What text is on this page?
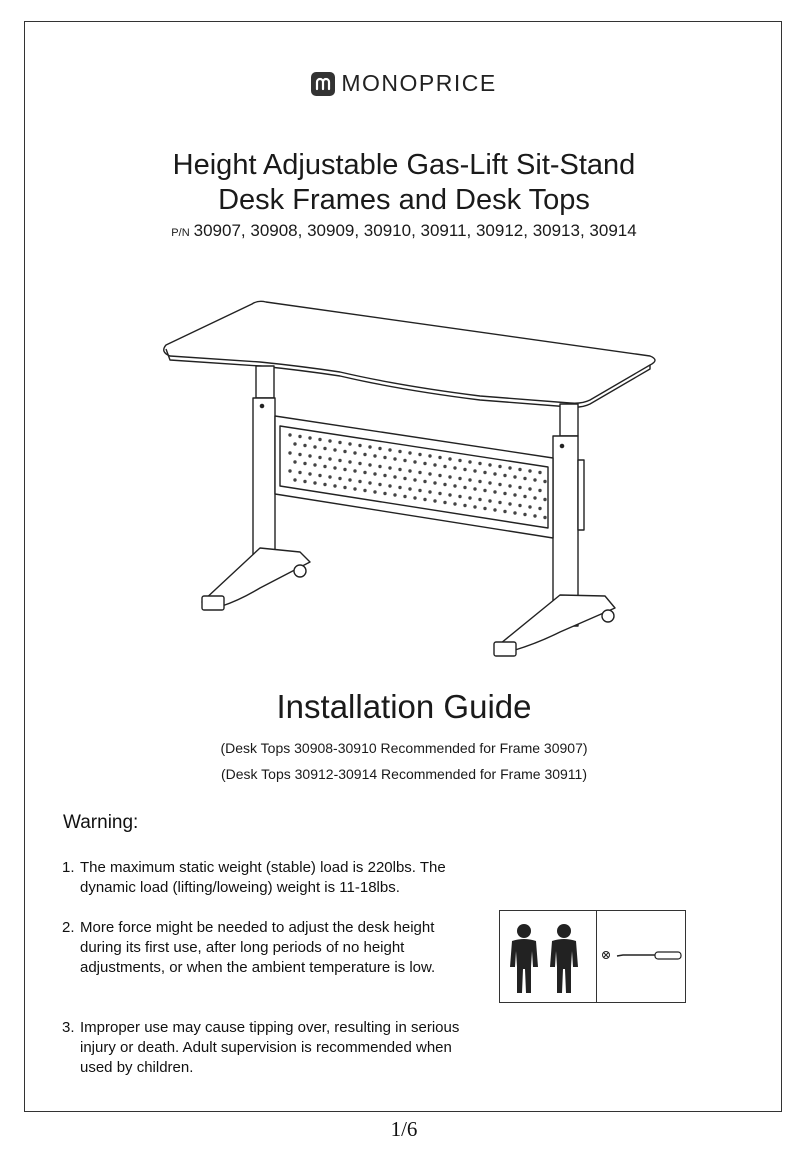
MONOPRICE
Height Adjustable Gas-Lift Sit-Stand
Desk Frames and Desk Tops
P/N 30907, 30908, 30909, 30910, 30911, 30912, 30913, 30914
Installation Guide
(Desk Tops 30908-30910 Recommended for Frame 30907)
(Desk Tops 30912-30914 Recommended for Frame 30911)
Warning:
1. The maximum static weight (stable) load is 220lbs. The dynamic load (lifting/loweing) weight is 11-18lbs.
2. More force might be needed to adjust the desk height during its first use, after long periods of no height adjustments, or when the ambient temperature is low.
3. Improper use may cause tipping over, resulting in serious injury or death. Adult supervision is recommended when used by children.
1/6
